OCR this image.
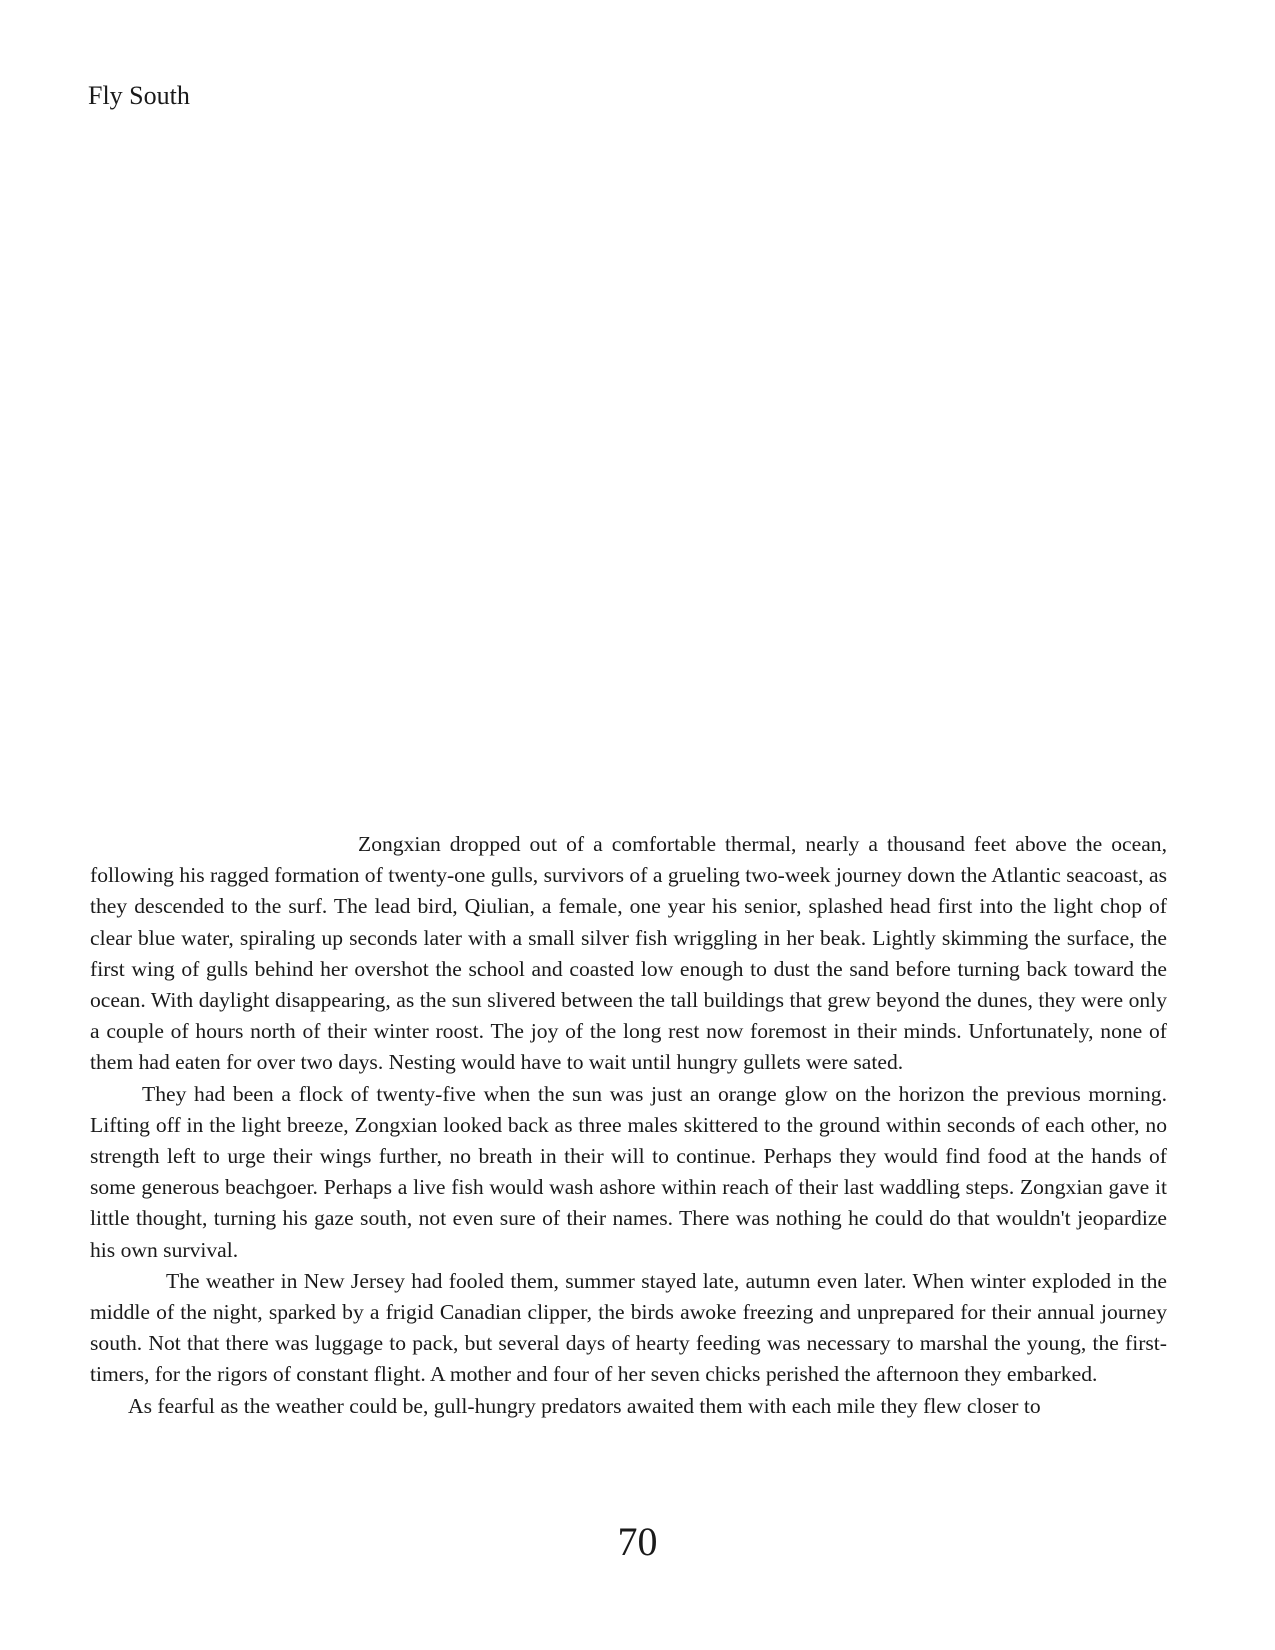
Fly South

Zongxian dropped out of a comfortable thermal, nearly a thousand feet above the ocean, following his ragged formation of twenty-one gulls, survivors of a grueling two-week journey down the Atlantic seacoast, as they descended to the surf. The lead bird, Qiulian, a female, one year his senior, splashed head first into the light chop of clear blue water, spiraling up seconds later with a small silver fish wriggling in her beak. Lightly skimming the surface, the first wing of gulls behind her overshot the school and coasted low enough to dust the sand before turning back toward the ocean. With daylight disappearing, as the sun slivered between the tall buildings that grew beyond the dunes, they were only a couple of hours north of their winter roost. The joy of the long rest now foremost in their minds. Unfortunately, none of them had eaten for over two days. Nesting would have to wait until hungry gullets were sated.

They had been a flock of twenty-five when the sun was just an orange glow on the horizon the previous morning. Lifting off in the light breeze, Zongxian looked back as three males skittered to the ground within seconds of each other, no strength left to urge their wings further, no breath in their will to continue. Perhaps they would find food at the hands of some generous beachgoer. Perhaps a live fish would wash ashore within reach of their last waddling steps. Zongxian gave it little thought, turning his gaze south, not even sure of their names. There was nothing he could do that wouldn't jeopardize his own survival.

The weather in New Jersey had fooled them, summer stayed late, autumn even later. When winter exploded in the middle of the night, sparked by a frigid Canadian clipper, the birds awoke freezing and unprepared for their annual journey south. Not that there was luggage to pack, but several days of hearty feeding was necessary to marshal the young, the first-timers, for the rigors of constant flight. A mother and four of her seven chicks perished the afternoon they embarked.

As fearful as the weather could be, gull-hungry predators awaited them with each mile they flew closer to

70
